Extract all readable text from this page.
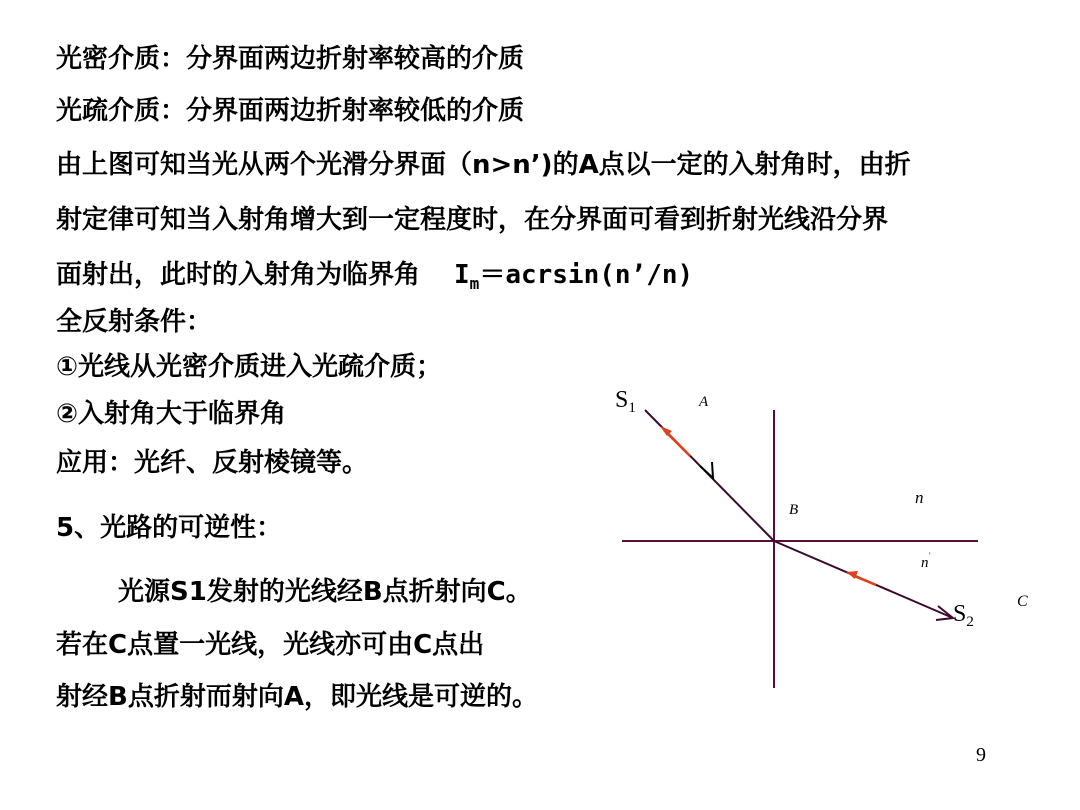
光密介质：分界面两边折射率较高的介质
光疏介质：分界面两边折射率较低的介质
由上图可知当光从两个光滑分界面（n>n’)的A点以一定的入射角时，由折
射定律可知当入射角增大到一定程度时，在分界面可看到折射光线沿分界
面射出，此时的入射角为临界角 $I_m=acrsin(n’/n)$
全反射条件：
①光线从光密介质进入光疏介质；
②入射角大于临界角
应用：光纤、反射棱镜等。
5、光路的可逆性：
光源S1发射的光线经B点折射向C。
若在C点置一光线，光线亦可由C点出
射经B点折射而射向A，即光线是可逆的。
$S_1$	A
B
n
n'
C
$S_2$
9
